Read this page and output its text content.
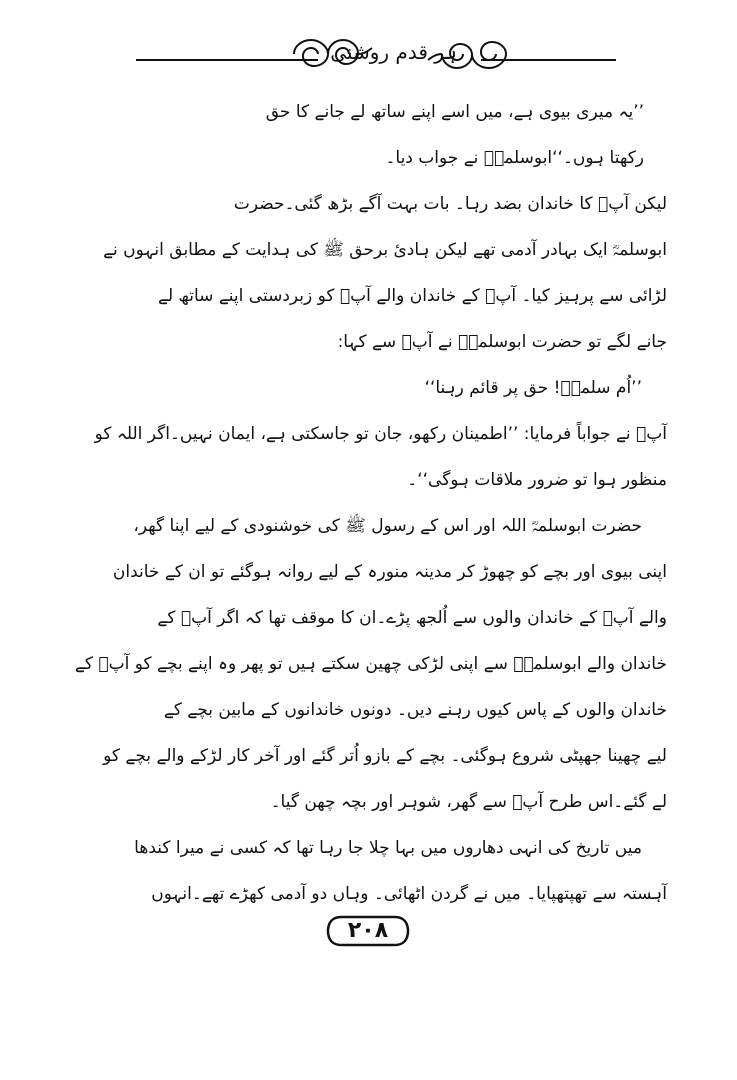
ہر قدم روشنی
’’یہ میری بیوی ہے، میں اسے اپنے ساتھ لے جانے کا حق
رکھتا ہوں۔‘‘ابوسلمہؓ نے جواب دیا۔
لیکن آپؓ کا خاندان بضد رہا۔ بات بہت آگے بڑھ گئی۔حضرت
ابوسلمہؓ ایک بہادر آدمی تھے لیکن ہادیٔ برحق ﷺ کی ہدایت کے مطابق انہوں نے
لڑائی سے پرہیز کیا۔ آپؓ کے خاندان والے آپؓ کو زبردستی اپنے ساتھ لے
جانے لگے تو حضرت ابوسلمہؓ نے آپؓ سے کہا:
’’اُم سلمہؓ! حق پر قائم رہنا‘‘
آپؓ نے جواباً فرمایا: ’’اطمینان رکھو، جان تو جاسکتی ہے، ایمان نہیں۔اگر اللہ کو
منظور ہوا تو ضرور ملاقات ہوگی‘‘۔
حضرت ابوسلمہؓ اللہ اور اس کے رسول ﷺ کی خوشنودی کے لیے اپنا گھر،
اپنی بیوی اور بچے کو چھوڑ کر مدینہ منورہ کے لیے روانہ ہوگئے تو ان کے خاندان
والے آپؓ کے خاندان والوں سے اُلجھ پڑے۔ان کا موقف تھا کہ اگر آپؓ کے
خاندان والے ابوسلمہؓ سے اپنی لڑکی چھین سکتے ہیں تو پھر وہ اپنے بچے کو آپؓ کے
خاندان والوں کے پاس کیوں رہنے دیں۔ دونوں خاندانوں کے مابین بچے کے
لیے چھینا جھپٹی شروع ہوگئی۔ بچے کے بازو اُتر گئے اور آخر کار لڑکے والے بچے کو
لے گئے۔اس طرح آپؓ سے گھر، شوہر اور بچہ چھن گیا۔
میں تاریخ کی انہی دھاروں میں بہا چلا جا رہا تھا کہ کسی نے میرا کندھا
آہستہ سے تھپتھپایا۔ میں نے گردن اٹھائی۔ وہاں دو آدمی کھڑے تھے۔انہوں
۲۰۸
